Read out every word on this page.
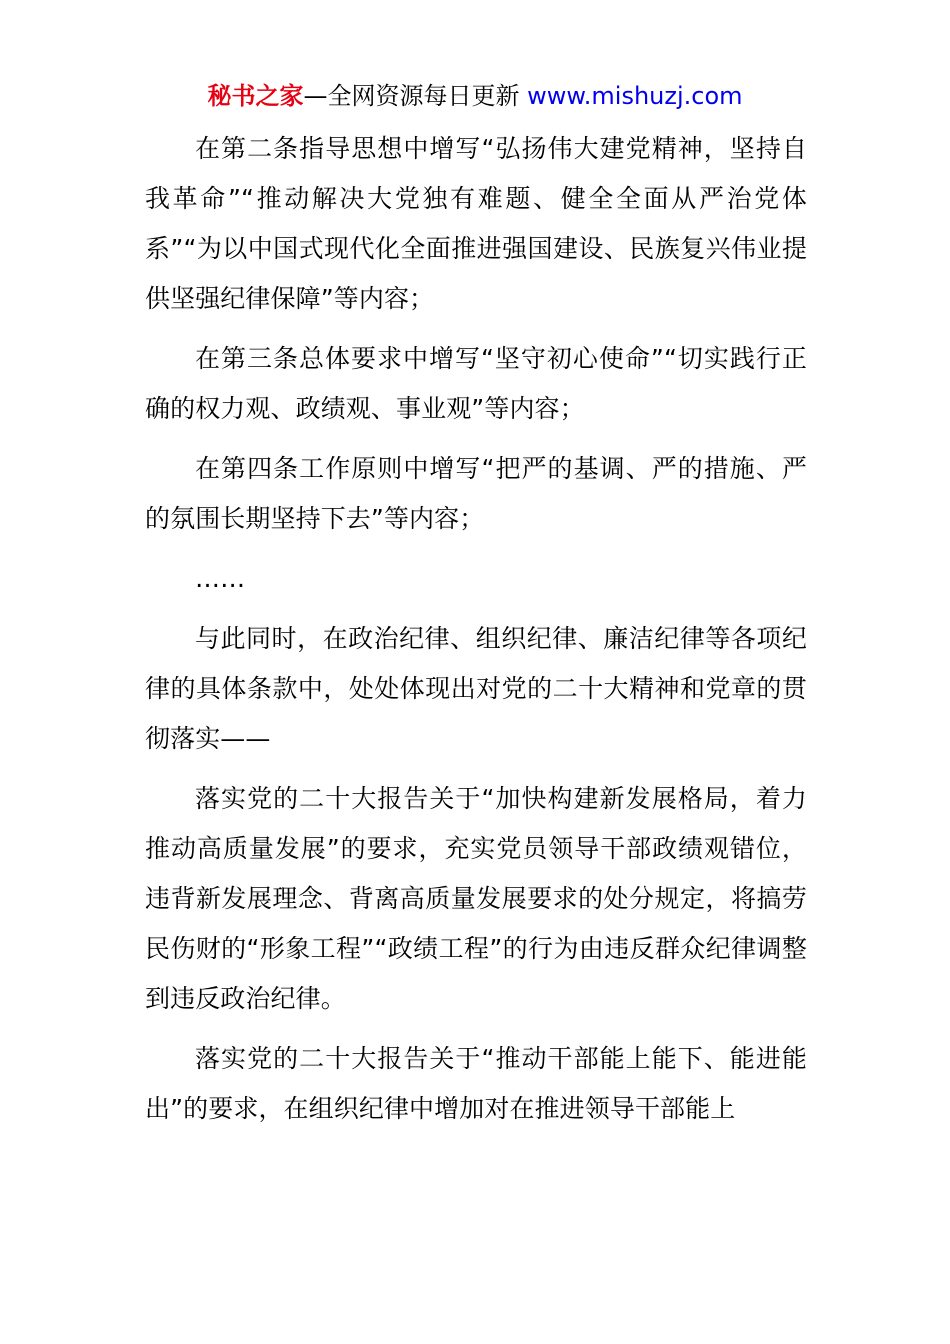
秘书之家—全网资源每日更新 www.mishuzj.com

在第二条指导思想中增写“弘扬伟大建党精神，坚持自我革命”“推动解决大党独有难题、健全全面从严治党体系”“为以中国式现代化全面推进强国建设、民族复兴伟业提供坚强纪律保障”等内容；

在第三条总体要求中增写“坚守初心使命”“切实践行正确的权力观、政绩观、事业观”等内容；

在第四条工作原则中增写“把严的基调、严的措施、严的氛围长期坚持下去”等内容；

……

与此同时，在政治纪律、组织纪律、廉洁纪律等各项纪律的具体条款中，处处体现出对党的二十大精神和党章的贯彻落实——

落实党的二十大报告关于“加快构建新发展格局，着力推动高质量发展”的要求，充实党员领导干部政绩观错位，违背新发展理念、背离高质量发展要求的处分规定，将搞劳民伤财的“形象工程”“政绩工程”的行为由违反群众纪律调整到违反政治纪律。

落实党的二十大报告关于“推动干部能上能下、能进能出”的要求，在组织纪律中增加对在推进领导干部能上
